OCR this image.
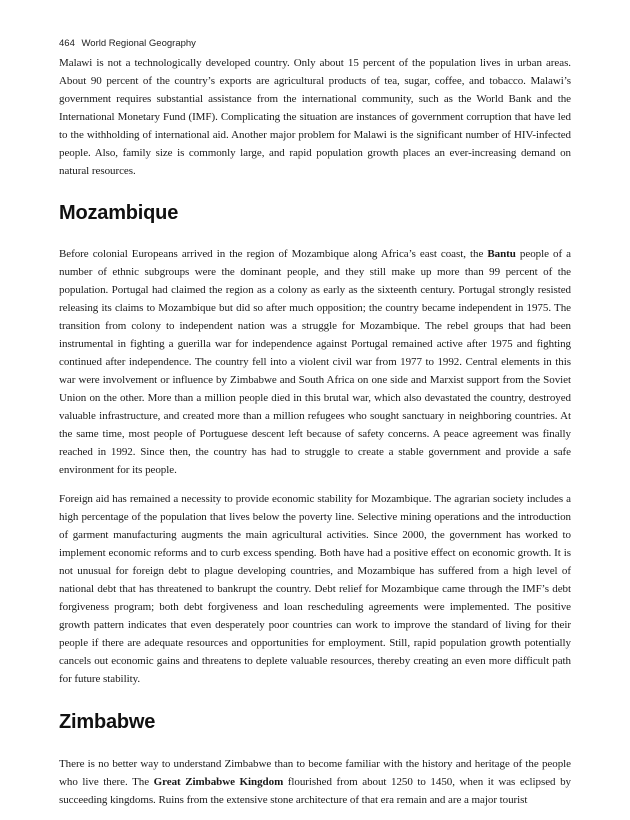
464 World Regional Geography

Malawi is not a technologically developed country. Only about 15 percent of the population lives in urban areas. About 90 percent of the country’s exports are agricultural products of tea, sugar, coffee, and tobacco. Malawi’s government requires substantial assistance from the international community, such as the World Bank and the International Monetary Fund (IMF). Complicating the situation are instances of government corruption that have led to the withholding of international aid. Another major problem for Malawi is the significant number of HIV-infected people. Also, family size is commonly large, and rapid population growth places an ever-increasing demand on natural resources.

Mozambique

Before colonial Europeans arrived in the region of Mozambique along Africa’s east coast, the Bantu people of a number of ethnic subgroups were the dominant people, and they still make up more than 99 percent of the population. Portugal had claimed the region as a colony as early as the sixteenth century. Portugal strongly resisted releasing its claims to Mozambique but did so after much opposition; the country became independent in 1975. The transition from colony to independent nation was a struggle for Mozambique. The rebel groups that had been instrumental in fighting a guerilla war for independence against Portugal remained active after 1975 and fighting continued after independence. The country fell into a violent civil war from 1977 to 1992. Central elements in this war were involvement or influence by Zimbabwe and South Africa on one side and Marxist support from the Soviet Union on the other. More than a million people died in this brutal war, which also devastated the country, destroyed valuable infrastructure, and created more than a million refugees who sought sanctuary in neighboring countries. At the same time, most people of Portuguese descent left because of safety concerns. A peace agreement was finally reached in 1992. Since then, the country has had to struggle to create a stable government and provide a safe environment for its people.

Foreign aid has remained a necessity to provide economic stability for Mozambique. The agrarian society includes a high percentage of the population that lives below the poverty line. Selective mining operations and the introduction of garment manufacturing augments the main agricultural activities. Since 2000, the government has worked to implement economic reforms and to curb excess spending. Both have had a positive effect on economic growth. It is not unusual for foreign debt to plague developing countries, and Mozambique has suffered from a high level of national debt that has threatened to bankrupt the country. Debt relief for Mozambique came through the IMF’s debt forgiveness program; both debt forgiveness and loan rescheduling agreements were implemented. The positive growth pattern indicates that even desperately poor countries can work to improve the standard of living for their people if there are adequate resources and opportunities for employment. Still, rapid population growth potentially cancels out economic gains and threatens to deplete valuable resources, thereby creating an even more difficult path for future stability.

Zimbabwe

There is no better way to understand Zimbabwe than to become familiar with the history and heritage of the people who live there. The Great Zimbabwe Kingdom flourished from about 1250 to 1450, when it was eclipsed by succeeding kingdoms. Ruins from the extensive stone architecture of that era remain and are a major tourist
